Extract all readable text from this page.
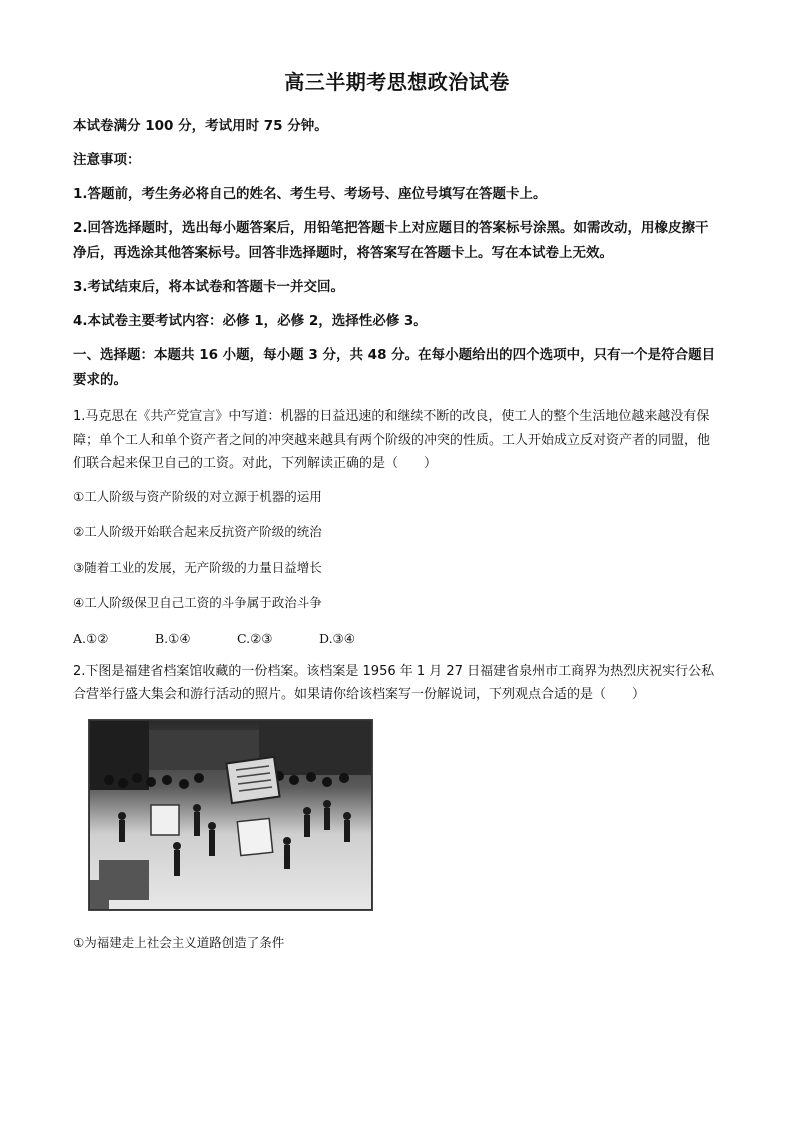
高三半期考思想政治试卷

本试卷满分 100 分，考试用时 75 分钟。

注意事项：

1.答题前，考生务必将自己的姓名、考生号、考场号、座位号填写在答题卡上。

2.回答选择题时，选出每小题答案后，用铅笔把答题卡上对应题目的答案标号涂黑。如需改动，用橡皮擦干净后，再选涂其他答案标号。回答非选择题时，将答案写在答题卡上。写在本试卷上无效。

3.考试结束后，将本试卷和答题卡一并交回。

4.本试卷主要考试内容：必修 1，必修 2，选择性必修 3。

一、选择题：本题共 16 小题，每小题 3 分，共 48 分。在每小题给出的四个选项中，只有一个是符合题目要求的。

1.马克思在《共产党宣言》中写道：机器的日益迅速的和继续不断的改良，使工人的整个生活地位越来越没有保障；单个工人和单个资产者之间的冲突越来越具有两个阶级的冲突的性质。工人开始成立反对资产者的同盟，他们联合起来保卫自己的工资。对此，下列解读正确的是（　　）

①工人阶级与资产阶级的对立源于机器的运用

②工人阶级开始联合起来反抗资产阶级的统治

③随着工业的发展，无产阶级的力量日益增长

④工人阶级保卫自己工资的斗争属于政治斗争

A.①②	B.①④	C.②③	D.③④

2.下图是福建省档案馆收藏的一份档案。该档案是 1956 年 1 月 27 日福建省泉州市工商界为热烈庆祝实行公私合营举行盛大集会和游行活动的照片。如果请你给该档案写一份解说词，下列观点合适的是（　　）

①为福建走上社会主义道路创造了条件
